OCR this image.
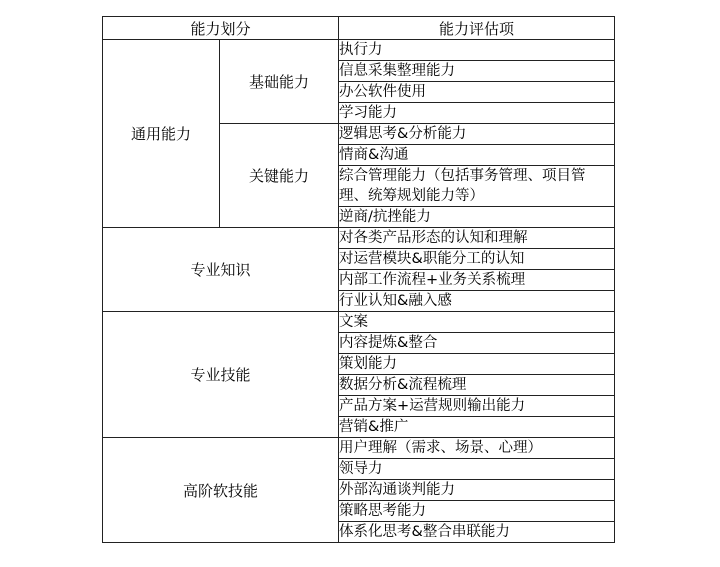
能力划分		能力评估项
通用能力	基础能力	执行力
		信息采集整理能力
		办公软件使用
		学习能力
	关键能力	逻辑思考&分析能力
		情商&沟通
		综合管理能力（包括事务管理、项目管理、统筹规划能力等）
		逆商/抗挫能力
专业知识		对各类产品形态的认知和理解
		对运营模块&职能分工的认知
		内部工作流程+业务关系梳理
		行业认知&融入感
专业技能		文案
		内容提炼&整合
		策划能力
		数据分析&流程梳理
		产品方案+运营规则输出能力
		营销&推广
高阶软技能		用户理解（需求、场景、心理）
		领导力
		外部沟通谈判能力
		策略思考能力
		体系化思考&整合串联能力
